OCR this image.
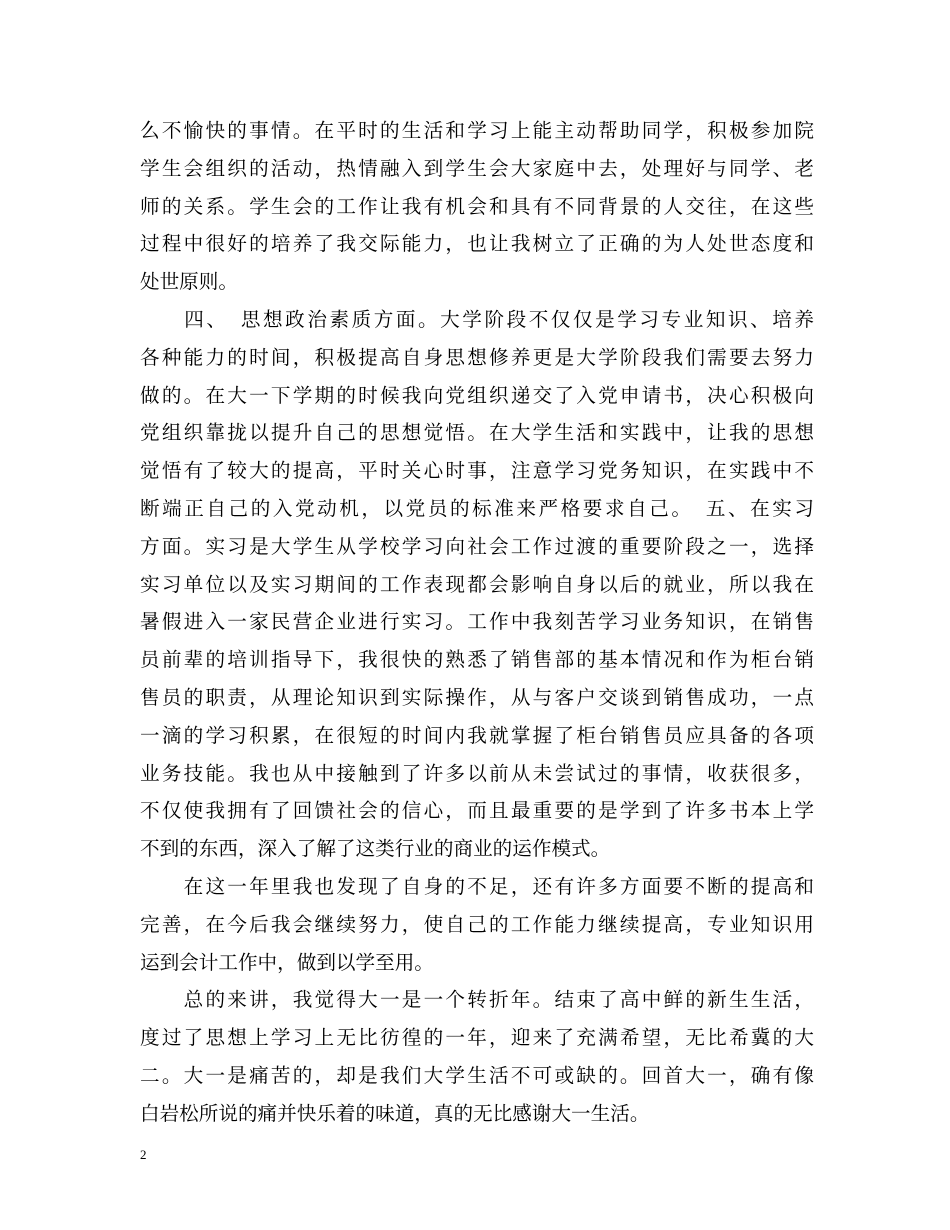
么不愉快的事情。在平时的生活和学习上能主动帮助同学，积极参加院
学生会组织的活动，热情融入到学生会大家庭中去，处理好与同学、老
师的关系。学生会的工作让我有机会和具有不同背景的人交往，在这些
过程中很好的培养了我交际能力，也让我树立了正确的为人处世态度和
处世原则。
　　四、　思想政治素质方面。大学阶段不仅仅是学习专业知识、培养
各种能力的时间，积极提高自身思想修养更是大学阶段我们需要去努力
做的。在大一下学期的时候我向党组织递交了入党申请书，决心积极向
党组织靠拢以提升自己的思想觉悟。在大学生活和实践中，让我的思想
觉悟有了较大的提高，平时关心时事，注意学习党务知识，在实践中不
断端正自己的入党动机，以党员的标准来严格要求自己。　五、在实习
方面。实习是大学生从学校学习向社会工作过渡的重要阶段之一，选择
实习单位以及实习期间的工作表现都会影响自身以后的就业，所以我在
暑假进入一家民营企业进行实习。工作中我刻苦学习业务知识，在销售
员前辈的培训指导下，我很快的熟悉了销售部的基本情况和作为柜台销
售员的职责，从理论知识到实际操作，从与客户交谈到销售成功，一点
一滴的学习积累，在很短的时间内我就掌握了柜台销售员应具备的各项
业务技能。我也从中接触到了许多以前从未尝试过的事情，收获很多，
不仅使我拥有了回馈社会的信心，而且最重要的是学到了许多书本上学
不到的东西，深入了解了这类行业的商业的运作模式。
　　在这一年里我也发现了自身的不足，还有许多方面要不断的提高和
完善，在今后我会继续努力，使自己的工作能力继续提高，专业知识用
运到会计工作中，做到以学至用。
　　总的来讲，我觉得大一是一个转折年。结束了高中鲜的新生生活，
度过了思想上学习上无比彷徨的一年，迎来了充满希望，无比希冀的大
二。大一是痛苦的，却是我们大学生活不可或缺的。回首大一，确有像
白岩松所说的痛并快乐着的味道，真的无比感谢大一生活。
2
